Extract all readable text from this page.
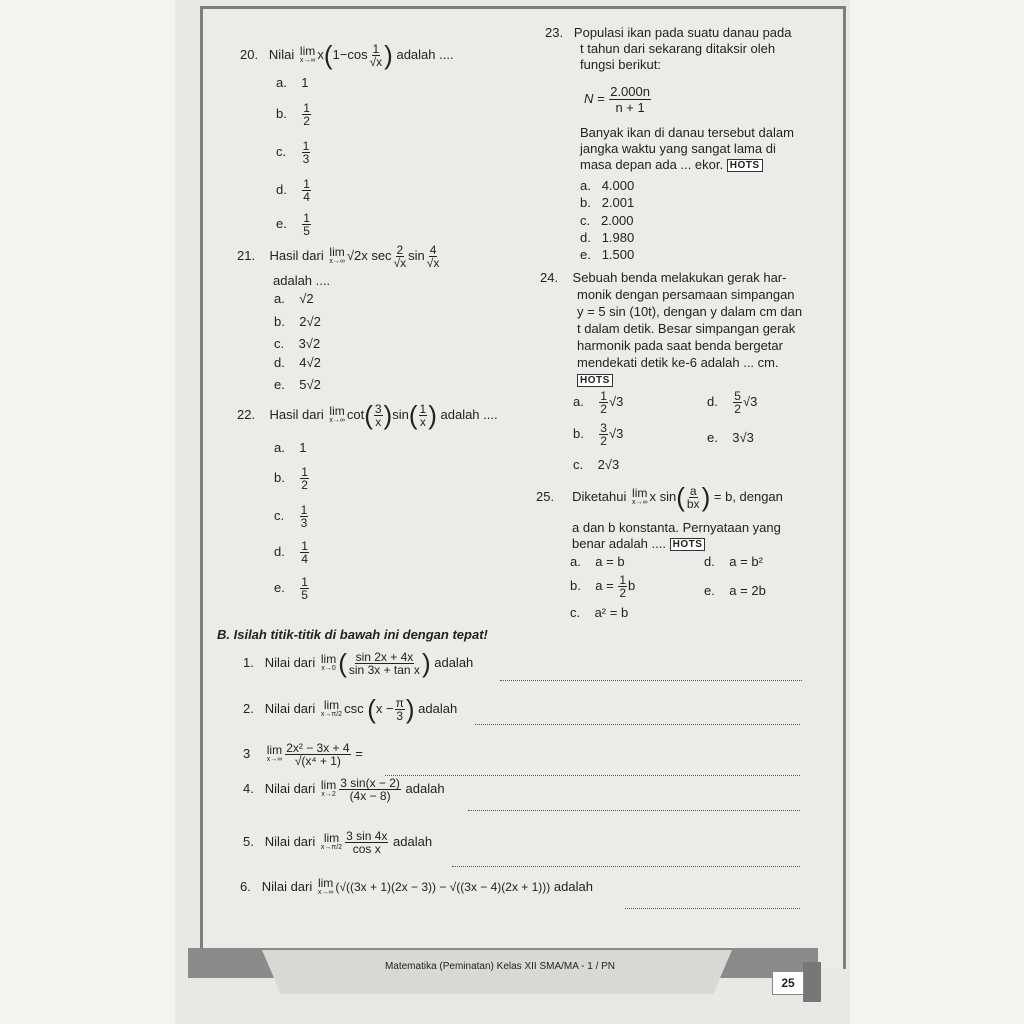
20. Nilai lim
x→∞ $x(1-\cos \frac{1}{√x}$ ) adalah ....
a. 1
b. $\frac{1}{2}$
c. $\frac{1}{3}$
d. $\frac{1}{4}$
e. $\frac{1}{5}$
21. Hasil dari lim
x→∞ √2x $\sec \frac{2}{√x}$ $\sin \frac{4}{√x}$
adalah ....
a. √2
b. 2√2
c. 3√2
d. 4√2
e. 5√2
22. Hasil dari lim
x→∞ $\cot( \frac{3}{x} )\sin( \frac{1}{x}$ ) adalah ....
a. 1
b. $\frac{1}{2}$
c. $\frac{1}{3}$
d. $\frac{1}{4}$
e. $\frac{1}{5}$
23. Populasi ikan pada suatu danau pada
t tahun dari sekarang ditaksir oleh
fungsi berikut:
$N = \frac{2.000n}{n + 1}$
Banyak ikan di danau tersebut dalam
jangka waktu yang sangat lama di
masa depan ada ... ekor. HOTS
a. 4.000
b. 2.001
c. 2.000
d. 1.980
e. 1.500
24. Sebuah benda melakukan gerak har-
monik dengan persamaan simpangan
y = 5 sin (10t), dengan y dalam cm dan
t dalam detik. Besar simpangan gerak
harmonik pada saat benda bergetar
mendekati detik ke-6 adalah ... cm.
HOTS
a. $\frac{1}{2} √3$	d. $\frac{5}{2} √3$
b. $\frac{3}{2} √3$	e. 3√3
c. 2√3
25. Diketahui lim
x→∞ x $\sin( \frac{a}{bx}$ ) = b, dengan
a dan b konstanta. Pernyataan yang
benar adalah .... HOTS
a. a = b	d. a = b²
b. $a = \frac{1}{2}$ b	e. a = 2b
c. a² = b
B. Isilah titik-titik di bawah ini dengan tepat!
1. Nilai dari lim
x→0 ( $\frac{\sin 2x + 4x}{\text{sin 3x + tan x}}$ ) adalah
2. Nilai dari lim
x→π/2 $\csc (x - \frac{\pi}{3}$ ) adalah
3 lim
$x\to\infty \frac{\text{2x² − 3x + 4}}{\text{√(x⁴ + 1)}}$ =
4. Nilai dari lim
$x\to 2 \frac{3 \sin(x - 2)}{(4x - 8)}$ adalah
5. Nilai dari lim
$x\to\pi/2 \frac{3 \sin 4x}{\text{cos x}}$ adalah
6. Nilai dari lim
x→∞ (√((3x + 1)(2x − 3)) − √((3x − 4)(2x + 1))) adalah
Matematika (Peminatan) Kelas XII SMA/MA - 1 / PN
25
